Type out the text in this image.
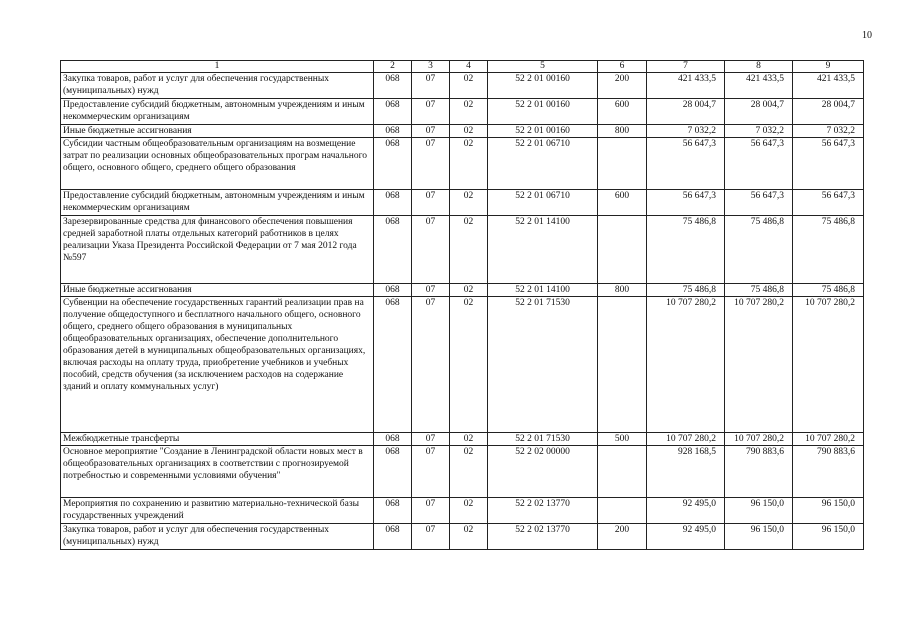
10
1	2	3	4	5	6	7	8	9
Закупка товаров, работ и услуг для обеспечения государственных (муниципальных) нужд	068	07	02	52 2 01 00160	200	421 433,5	421 433,5	421 433,5
Предоставление субсидий бюджетным, автономным учреждениям и иным некоммерческим организациям	068	07	02	52 2 01 00160	600	28 004,7	28 004,7	28 004,7
Иные бюджетные ассигнования	068	07	02	52 2 01 00160	800	7 032,2	7 032,2	7 032,2
Субсидии частным общеобразовательным организациям на возмещение затрат по реализации основных общеобразовательных програм начального общего, основного общего, среднего общего образования	068	07	02	52 2 01 06710		56 647,3	56 647,3	56 647,3
Предоставление субсидий бюджетным, автономным учреждениям и иным некоммерческим организациям	068	07	02	52 2 01 06710	600	56 647,3	56 647,3	56 647,3
Зарезервированные средства для финансового обеспечения повышения средней заработной платы отдельных категорий работников в целях реализации Указа Президента Российской Федерации от 7 мая 2012 года №597	068	07	02	52 2 01 14100		75 486,8	75 486,8	75 486,8
Иные бюджетные ассигнования	068	07	02	52 2 01 14100	800	75 486,8	75 486,8	75 486,8
Субвенции на обеспечение государственных гарантий реализации прав на получение общедоступного и бесплатного начального общего, основного общего, среднего общего образования в муниципальных общеобразовательных организациях, обеспечение дополнительного образования детей в муниципальных общеобразовательных организациях, включая расходы на оплату труда, приобретение учебников и учебных пособий, средств обучения (за исключением расходов на содержание зданий и оплату коммунальных услуг)	068	07	02	52 2 01 71530		10 707 280,2	10 707 280,2	10 707 280,2
Межбюджетные трансферты	068	07	02	52 2 01 71530	500	10 707 280,2	10 707 280,2	10 707 280,2
Основное мероприятие "Создание в Ленинградской области новых мест в общеобразовательных организациях в соответствии с прогнозируемой потребностью и современными условиями обучения"	068	07	02	52 2 02 00000		928 168,5	790 883,6	790 883,6
Мероприятия по сохранению и развитию материально-технической базы государственных учреждений	068	07	02	52 2 02 13770		92 495,0	96 150,0	96 150,0
Закупка товаров, работ и услуг для обеспечения государственных (муниципальных) нужд	068	07	02	52 2 02 13770	200	92 495,0	96 150,0	96 150,0
